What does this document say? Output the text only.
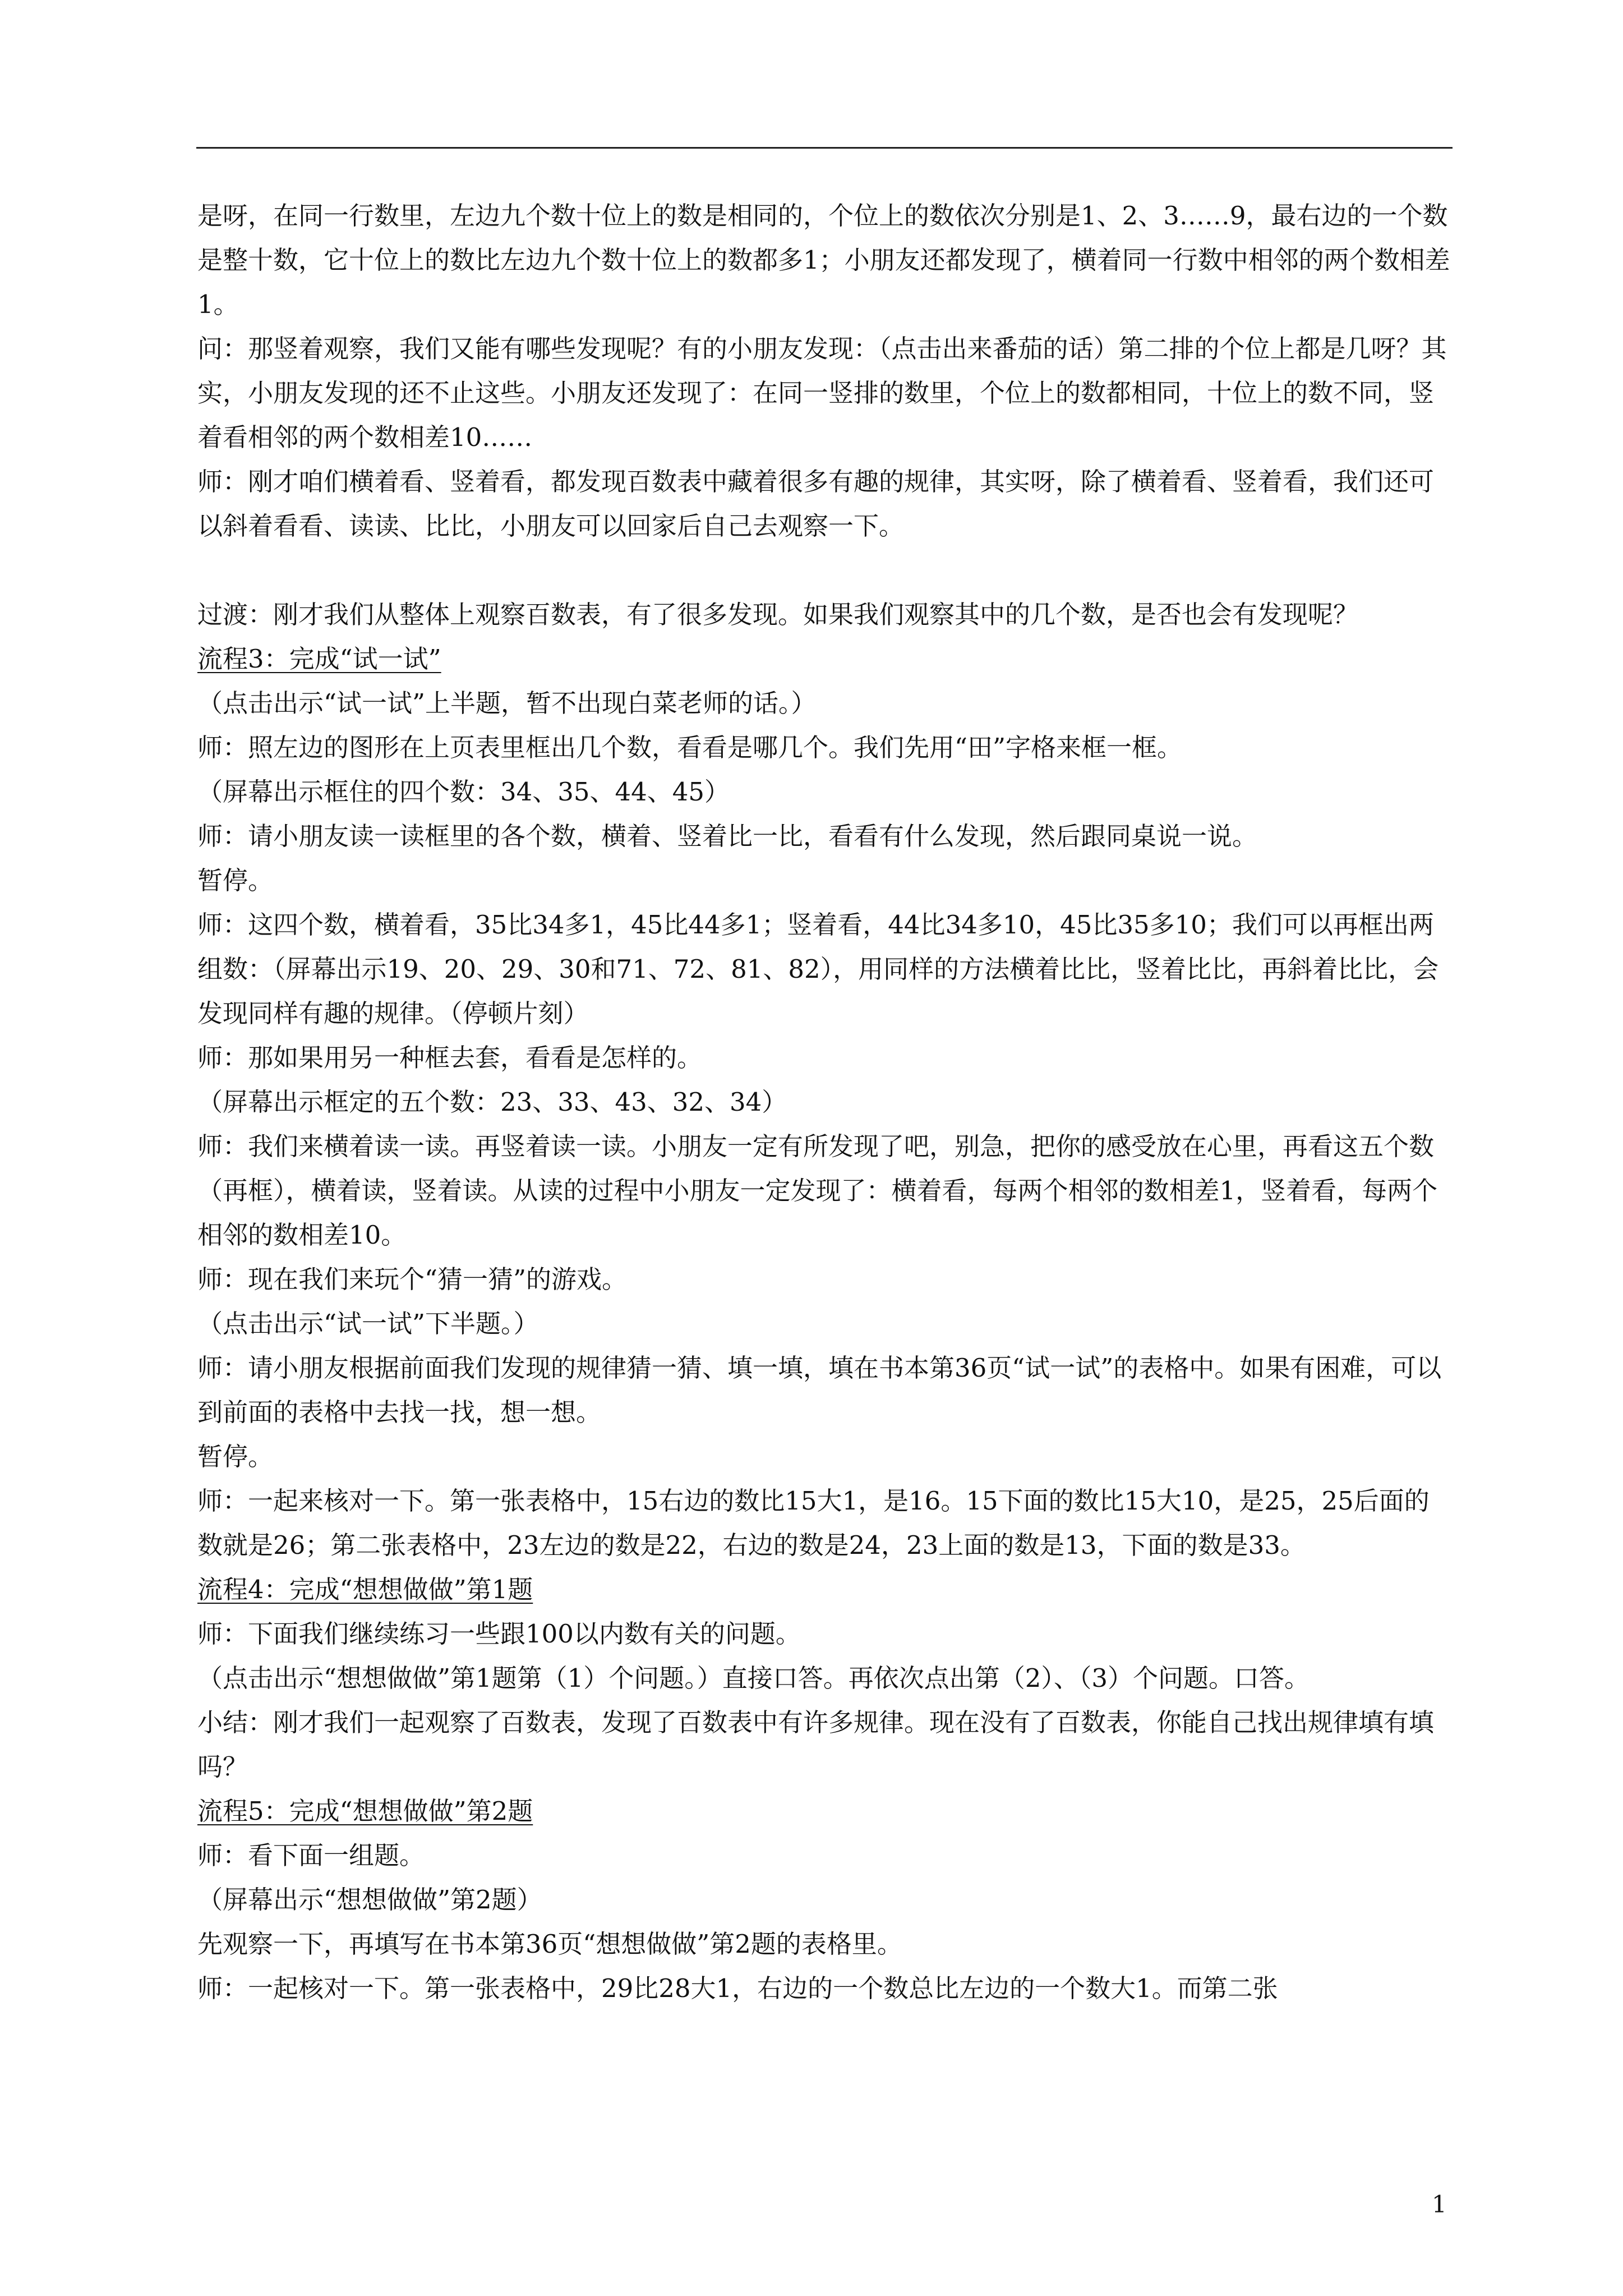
是呀，在同一行数里，左边九个数十位上的数是相同的，个位上的数依次分别是1、2、3……9，最右边的一个数是整十数，它十位上的数比左边九个数十位上的数都多1；小朋友还都发现了，横着同一行数中相邻的两个数相差1。

问：那竖着观察，我们又能有哪些发现呢？有的小朋友发现：（点击出来番茄的话）第二排的个位上都是几呀？其实，小朋友发现的还不止这些。小朋友还发现了：在同一竖排的数里，个位上的数都相同，十位上的数不同，竖着看相邻的两个数相差10……

师：刚才咱们横着看、竖着看，都发现百数表中藏着很多有趣的规律，其实呀，除了横着看、竖着看，我们还可以斜着看看、读读、比比，小朋友可以回家后自己去观察一下。

过渡：刚才我们从整体上观察百数表，有了很多发现。如果我们观察其中的几个数，是否也会有发现呢？

流程3：完成“试一试”

（点击出示“试一试”上半题，暂不出现白菜老师的话。）

师：照左边的图形在上页表里框出几个数，看看是哪几个。我们先用“田”字格来框一框。

（屏幕出示框住的四个数：34、35、44、45）

师：请小朋友读一读框里的各个数，横着、竖着比一比，看看有什么发现，然后跟同桌说一说。

暂停。

师：这四个数，横着看，35比34多1，45比44多1；竖着看，44比34多10，45比35多10；我们可以再框出两组数：（屏幕出示19、20、29、30和71、72、81、82），用同样的方法横着比比，竖着比比，再斜着比比，会发现同样有趣的规律。（停顿片刻）

师：那如果用另一种框去套，看看是怎样的。

（屏幕出示框定的五个数：23、33、43、32、34）

师：我们来横着读一读。再竖着读一读。小朋友一定有所发现了吧，别急，把你的感受放在心里，再看这五个数（再框），横着读，竖着读。从读的过程中小朋友一定发现了：横着看，每两个相邻的数相差1，竖着看，每两个相邻的数相差10。

师：现在我们来玩个“猜一猜”的游戏。

（点击出示“试一试”下半题。）

师：请小朋友根据前面我们发现的规律猜一猜、填一填，填在书本第36页“试一试”的表格中。如果有困难，可以到前面的表格中去找一找，想一想。

暂停。

师：一起来核对一下。第一张表格中，15右边的数比15大1，是16。15下面的数比15大10，是25，25后面的数就是26；第二张表格中，23左边的数是22，右边的数是24，23上面的数是13，下面的数是33。

流程4：完成“想想做做”第1题

师：下面我们继续练习一些跟100以内数有关的问题。

（点击出示“想想做做”第1题第（1）个问题。）直接口答。再依次点出第（2）、（3）个问题。口答。

小结：刚才我们一起观察了百数表，发现了百数表中有许多规律。现在没有了百数表，你能自己找出规律填有填吗？

流程5：完成“想想做做”第2题

师：看下面一组题。

（屏幕出示“想想做做”第2题）

先观察一下，再填写在书本第36页“想想做做”第2题的表格里。

师：一起核对一下。第一张表格中，29比28大1，右边的一个数总比左边的一个数大1。而第二张

1
